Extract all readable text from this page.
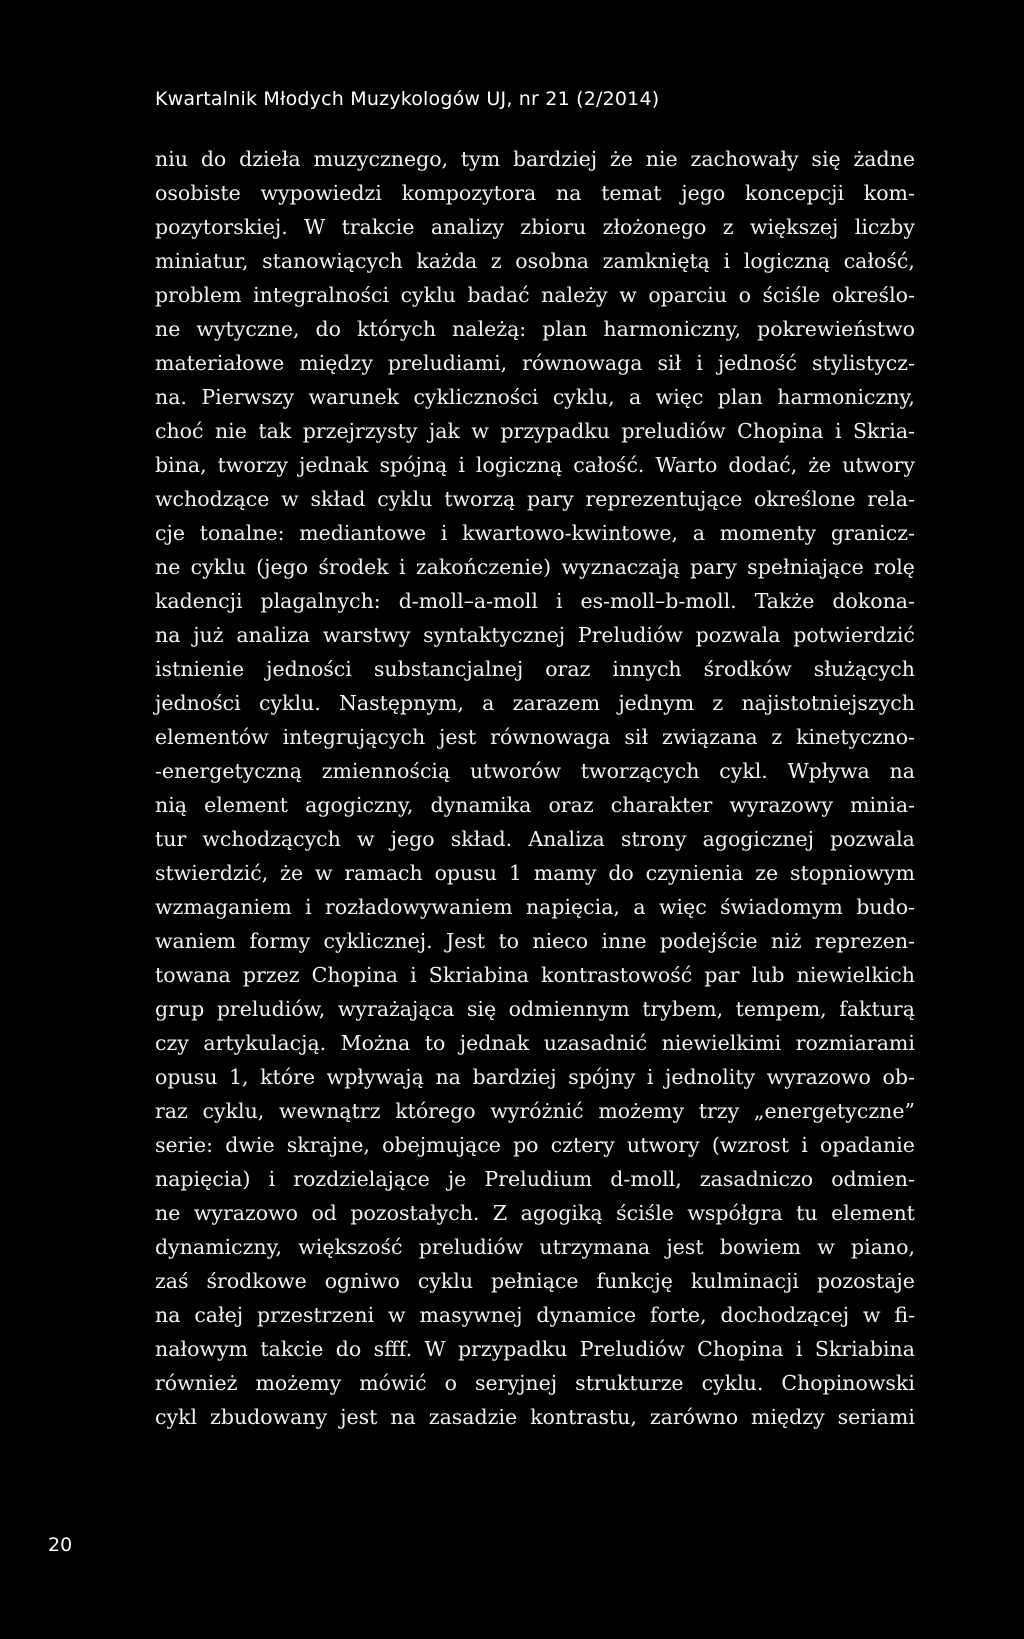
Kwartalnik Młodych Muzykologów UJ, nr 21 (2/2014)
niu do dzieła muzycznego, tym bardziej że nie zachowały się żadne
osobiste wypowiedzi kompozytora na temat jego koncepcji kom-
pozytorskiej. W trakcie analizy zbioru złożonego z większej liczby
miniatur, stanowiących każda z osobna zamkniętą i logiczną całość,
problem integralności cyklu badać należy w oparciu o ściśle określo-
ne wytyczne, do których należą: plan harmoniczny, pokrewieństwo
materiałowe między preludiami, równowaga sił i jedność stylistycz-
na. Pierwszy warunek cykliczności cyklu, a więc plan harmoniczny,
choć nie tak przejrzysty jak w przypadku preludiów Chopina i Skria-
bina, tworzy jednak spójną i logiczną całość. Warto dodać, że utwory
wchodzące w skład cyklu tworzą pary reprezentujące określone rela-
cje tonalne: mediantowe i kwartowo-kwintowe, a momenty granicz-
ne cyklu (jego środek i zakończenie) wyznaczają pary spełniające rolę
kadencji plagalnych: d-moll–a-moll i es-moll–b-moll. Także dokona-
na już analiza warstwy syntaktycznej Preludiów pozwala potwierdzić
istnienie jedności substancjalnej oraz innych środków służących
jedności cyklu. Następnym, a zarazem jednym z najistotniejszych
elementów integrujących jest równowaga sił związana z kinetyczno-
-energetyczną zmiennością utworów tworzących cykl. Wpływa na
nią element agogiczny, dynamika oraz charakter wyrazowy minia-
tur wchodzących w jego skład. Analiza strony agogicznej pozwala
stwierdzić, że w ramach opusu 1 mamy do czynienia ze stopniowym
wzmaganiem i rozładowywaniem napięcia, a więc świadomym budo-
waniem formy cyklicznej. Jest to nieco inne podejście niż reprezen-
towana przez Chopina i Skriabina kontrastowość par lub niewielkich
grup preludiów, wyrażająca się odmiennym trybem, tempem, fakturą
czy artykulacją. Można to jednak uzasadnić niewielkimi rozmiarami
opusu 1, które wpływają na bardziej spójny i jednolity wyrazowo ob-
raz cyklu, wewnątrz którego wyróżnić możemy trzy „energetyczne”
serie: dwie skrajne, obejmujące po cztery utwory (wzrost i opadanie
napięcia) i rozdzielające je Preludium d-moll, zasadniczo odmien-
ne wyrazowo od pozostałych. Z agogiką ściśle współgra tu element
dynamiczny, większość preludiów utrzymana jest bowiem w piano,
zaś środkowe ogniwo cyklu pełniące funkcję kulminacji pozostaje
na całej przestrzeni w masywnej dynamice forte, dochodzącej w fi-
nałowym takcie do sfff. W przypadku Preludiów Chopina i Skriabina
również możemy mówić o seryjnej strukturze cyklu. Chopinowski
cykl zbudowany jest na zasadzie kontrastu, zarówno między seriami
20
